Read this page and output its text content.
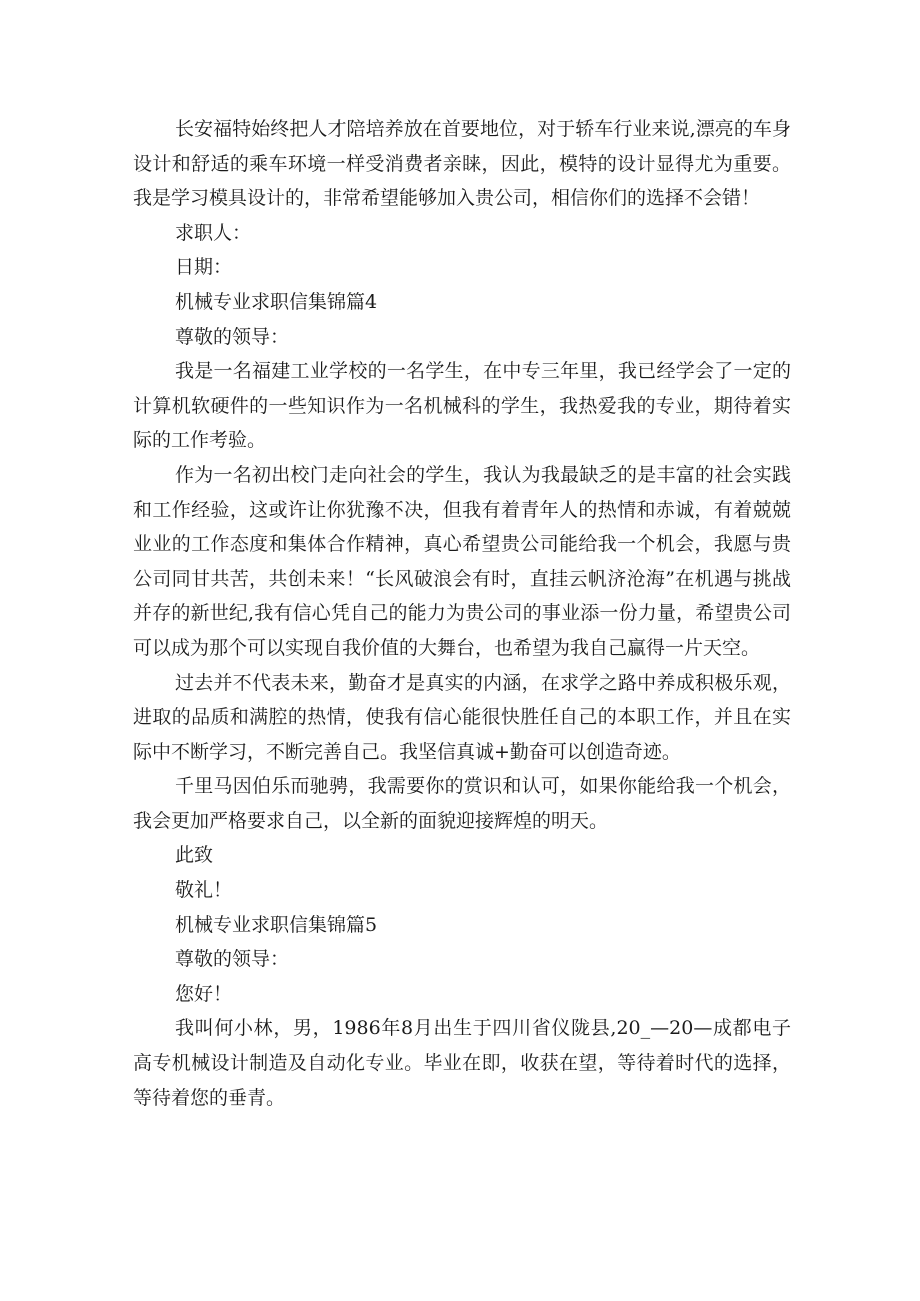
长安福特始终把人才陪培养放在首要地位，对于轿车行业来说,漂亮的车身设计和舒适的乘车环境一样受消费者亲睐，因此，模特的设计显得尤为重要。我是学习模具设计的，非常希望能够加入贵公司，相信你们的选择不会错！

求职人：

日期：

机械专业求职信集锦篇4

尊敬的领导：

我是一名福建工业学校的一名学生，在中专三年里，我已经学会了一定的计算机软硬件的一些知识作为一名机械科的学生，我热爱我的专业，期待着实际的工作考验。

作为一名初出校门走向社会的学生，我认为我最缺乏的是丰富的社会实践和工作经验，这或许让你犹豫不决，但我有着青年人的热情和赤诚，有着兢兢业业的工作态度和集体合作精神，真心希望贵公司能给我一个机会，我愿与贵公司同甘共苦，共创未来！“长风破浪会有时，直挂云帆济沧海”在机遇与挑战并存的新世纪,我有信心凭自己的能力为贵公司的事业添一份力量，希望贵公司可以成为那个可以实现自我价值的大舞台，也希望为我自己赢得一片天空。

过去并不代表未来，勤奋才是真实的内涵，在求学之路中养成积极乐观，进取的品质和满腔的热情，使我有信心能很快胜任自己的本职工作，并且在实际中不断学习，不断完善自己。我坚信真诚+勤奋可以创造奇迹。

千里马因伯乐而驰骋，我需要你的赏识和认可，如果你能给我一个机会，我会更加严格要求自己，以全新的面貌迎接辉煌的明天。

此致

敬礼！

机械专业求职信集锦篇5

尊敬的领导：

您好！

我叫何小林，男，1986年8月出生于四川省仪陇县,20_—20—成都电子高专机械设计制造及自动化专业。毕业在即，收获在望，等待着时代的选择，等待着您的垂青。
